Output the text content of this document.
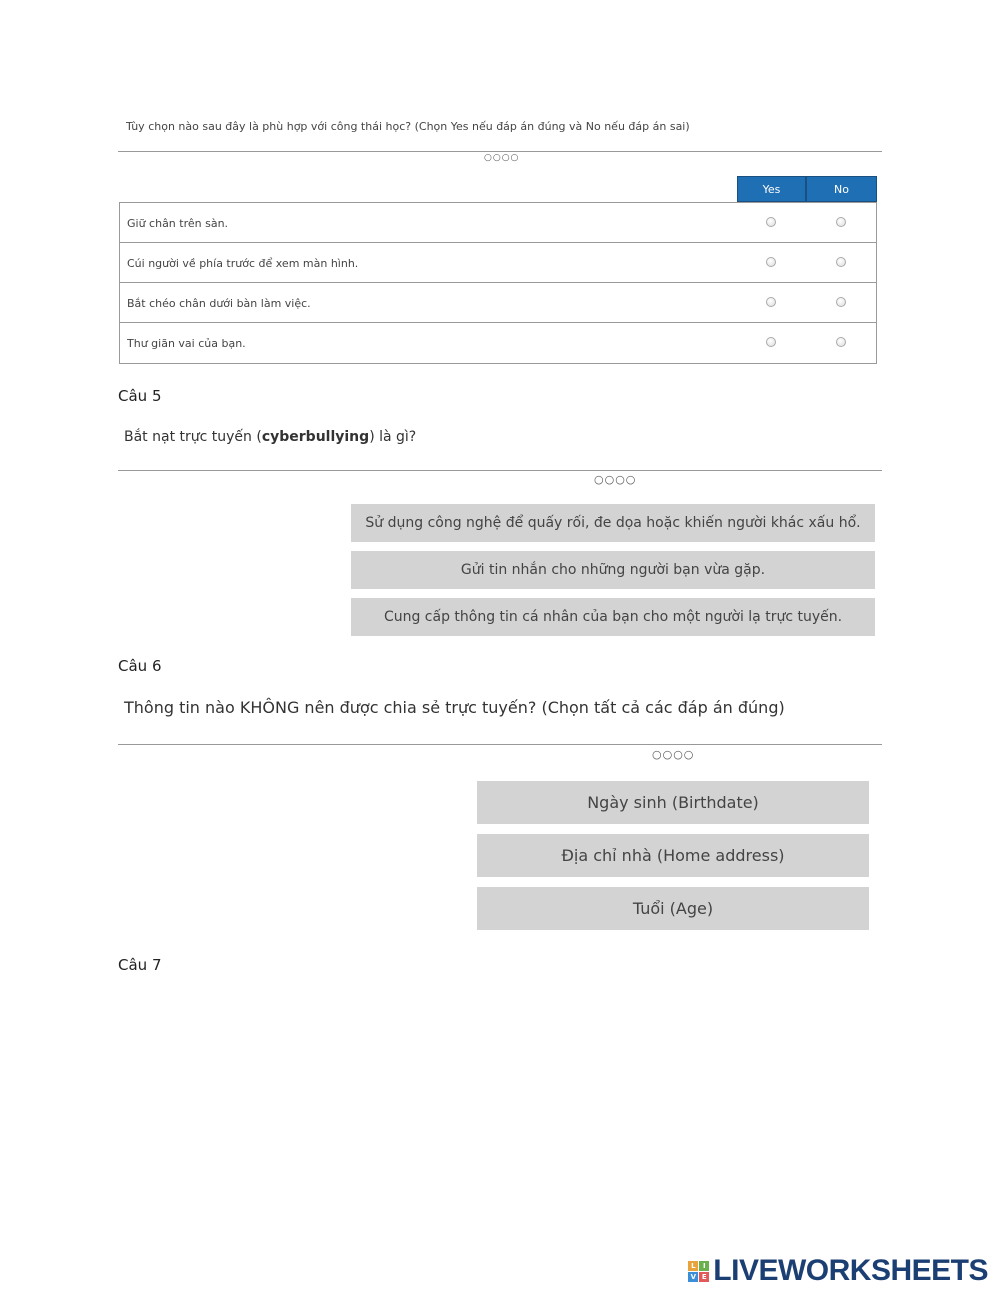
Tùy chọn nào sau đây là phù hợp với công thái học? (Chọn Yes nếu đáp án đúng và No nếu đáp án sai)
○○○○
Yes	No
Giữ chân trên sàn.
Cúi người về phía trước để xem màn hình.
Bắt chéo chân dưới bàn làm việc.
Thư giãn vai của bạn.
Câu 5
Bắt nạt trực tuyến (cyberbullying) là gì?
○○○○
Sử dụng công nghệ để quấy rối, đe dọa hoặc khiến người khác xấu hổ.
Gửi tin nhắn cho những người bạn vừa gặp.
Cung cấp thông tin cá nhân của bạn cho một người lạ trực tuyến.
Câu 6
Thông tin nào KHÔNG nên được chia sẻ trực tuyến? (Chọn tất cả các đáp án đúng)
○○○○
Ngày sinh (Birthdate)
Địa chỉ nhà (Home address)
Tuổi (Age)
Câu 7
L	I
V E LIVEWORKSHEETS
